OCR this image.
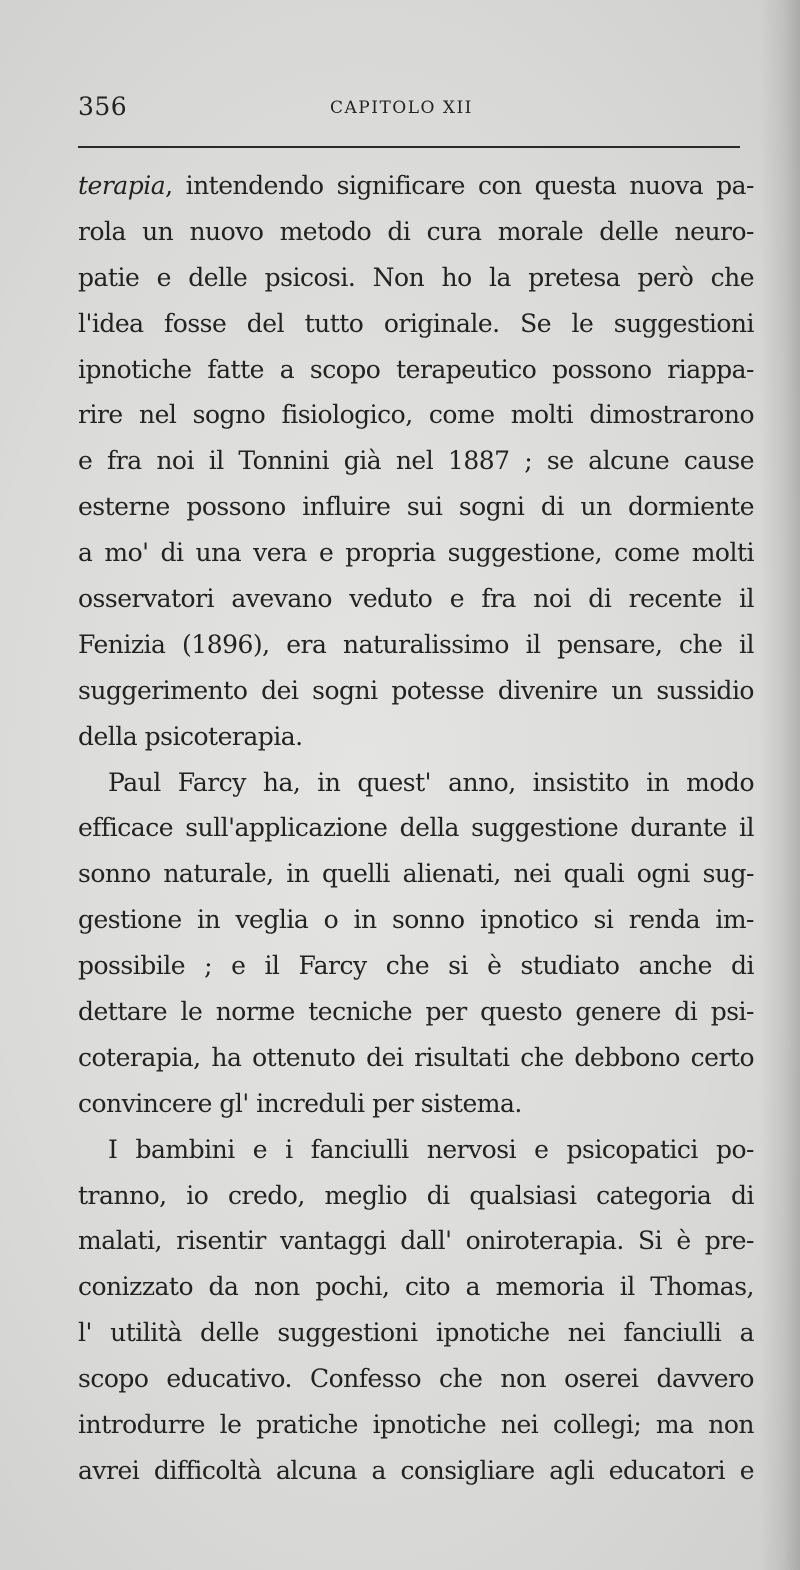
356	CAPITOLO XII
terapia, intendendo significare con questa nuova pa-
rola un nuovo metodo di cura morale delle neuro-
patie e delle psicosi. Non ho la pretesa però che
l'idea fosse del tutto originale. Se le suggestioni
ipnotiche fatte a scopo terapeutico possono riappa-
rire nel sogno fisiologico, come molti dimostrarono
e fra noi il Tonnini già nel 1887 ; se alcune cause
esterne possono influire sui sogni di un dormiente
a mo' di una vera e propria suggestione, come molti
osservatori avevano veduto e fra noi di recente il
Fenizia (1896), era naturalissimo il pensare, che il
suggerimento dei sogni potesse divenire un sussidio
della psicoterapia.
Paul Farcy ha, in quest' anno, insistito in modo
efficace sull'applicazione della suggestione durante il
sonno naturale, in quelli alienati, nei quali ogni sug-
gestione in veglia o in sonno ipnotico si renda im-
possibile ; e il Farcy che si è studiato anche di
dettare le norme tecniche per questo genere di psi-
coterapia, ha ottenuto dei risultati che debbono certo
convincere gl' increduli per sistema.
I bambini e i fanciulli nervosi e psicopatici po-
tranno, io credo, meglio di qualsiasi categoria di
malati, risentir vantaggi dall' oniroterapia. Si è pre-
conizzato da non pochi, cito a memoria il Thomas,
l' utilità delle suggestioni ipnotiche nei fanciulli a
scopo educativo. Confesso che non oserei davvero
introdurre le pratiche ipnotiche nei collegi; ma non
avrei difficoltà alcuna a consigliare agli educatori e
